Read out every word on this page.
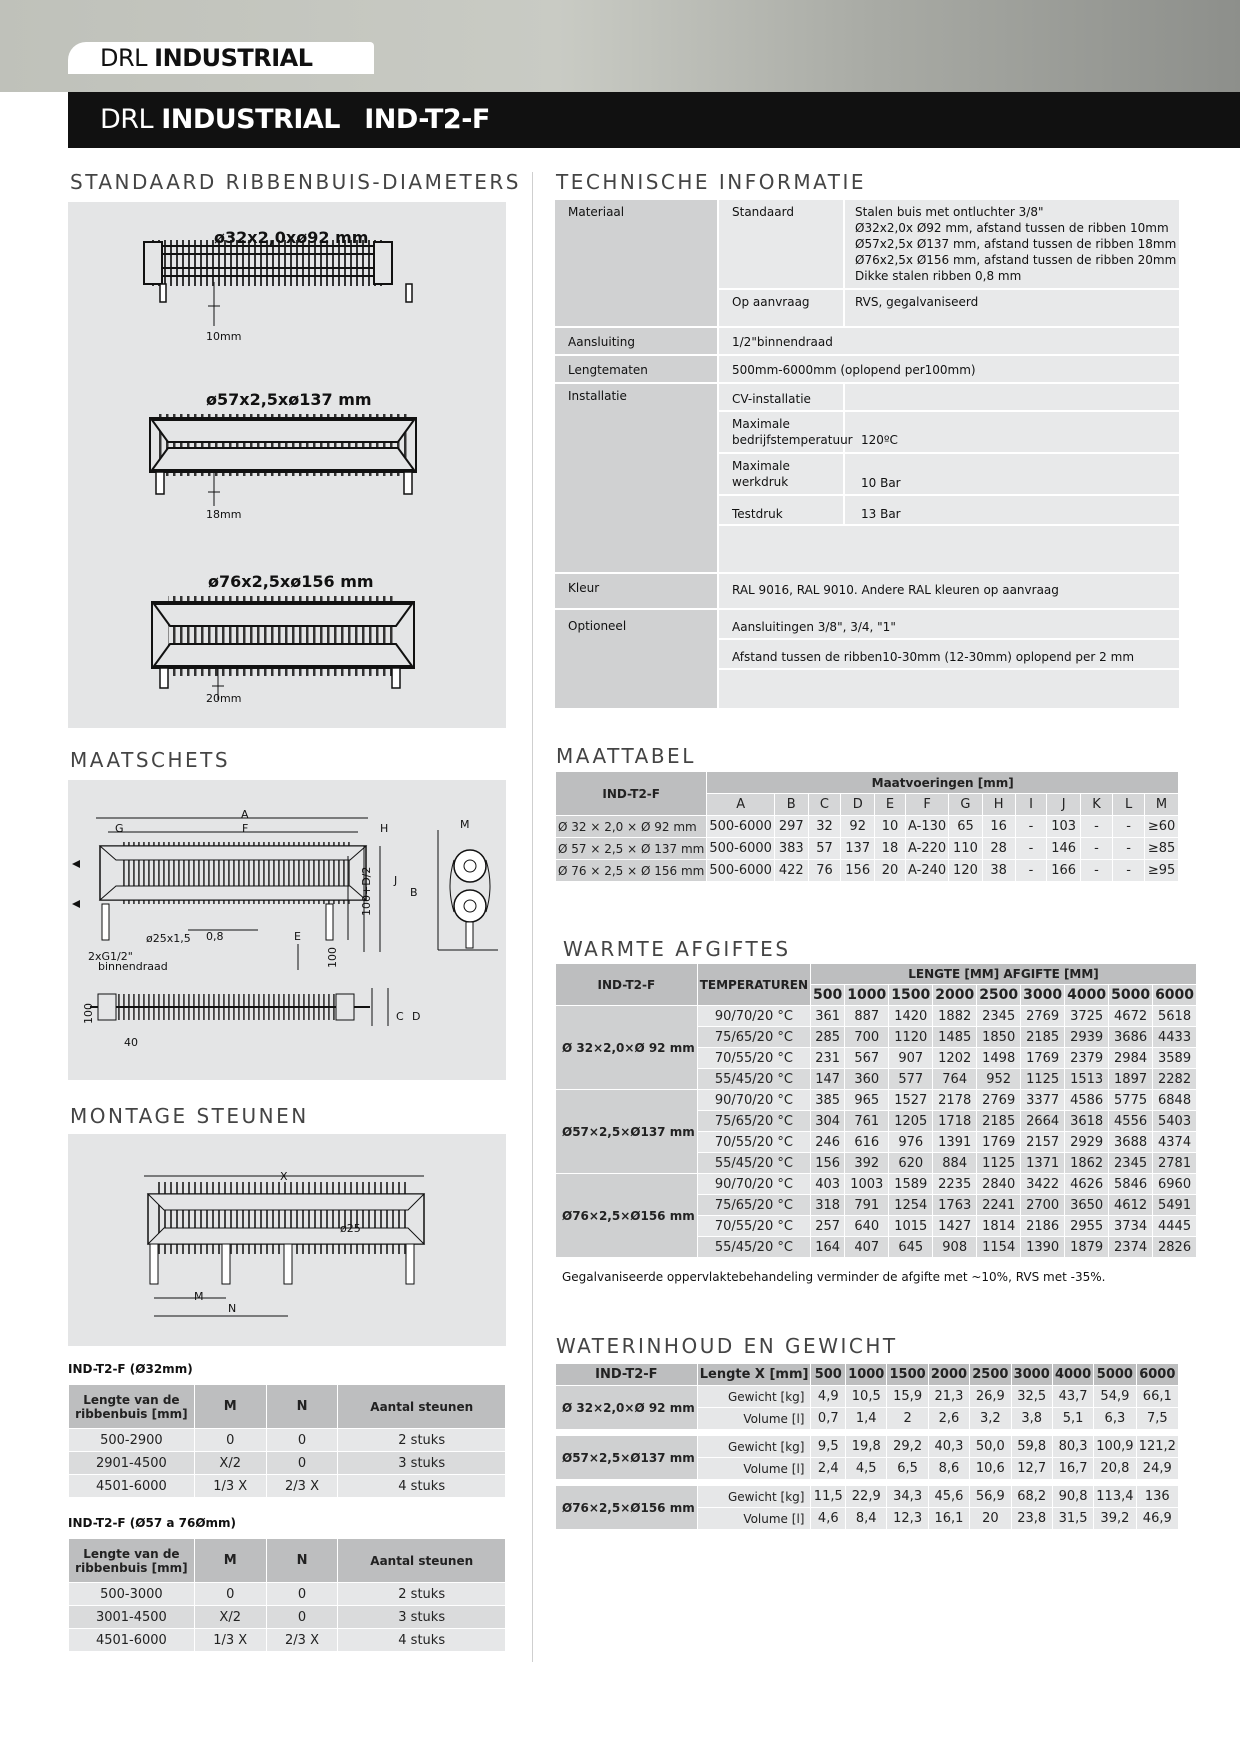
DRL INDUSTRIAL
DRL INDUSTRIAL IND-T2-F
STANDAARD RIBBENBUIS-DIAMETERS
ø32x2,0xø92 mm
10mm
ø57x2,5xø137 mm
18mm
ø76x2,5xø156 mm
20mm
MAATSCHETS
A
G	F	H	M
J
B
100+D/2
ø25x1,5 0,8	E
2xG1/2"
binnendraad	100
100	C D
40
MONTAGE STEUNEN
X
ø25
M
N
IND-T2-F (Ø32mm)
Lengte van de ribbenbuis [mm]	M	N	Aantal steunen
500-2900	0	0	2 stuks
2901-4500	X/2	0	3 stuks
4501-6000	1/3 X	2/3 X	4 stuks
IND-T2-F (Ø57 a 76Ømm)
Lengte van de ribbenbuis [mm]	M	N	Aantal steunen
500-3000	0	0	2 stuks
3001-4500	X/2	0	3 stuks
4501-6000	1/3 X	2/3 X	4 stuks
TECHNISCHE INFORMATIE
Materiaal	Standaard	Stalen buis met ontluchter 3/8"
Ø32x2,0x Ø92 mm, afstand tussen de ribben 10mm
Ø57x2,5x Ø137 mm, afstand tussen de ribben 18mm
Ø76x2,5x Ø156 mm, afstand tussen de ribben 20mm
Dikke stalen ribben 0,8 mm
Op aanvraag	RVS, gegalvaniseerd
Aansluiting	1/2"binnendraad
Lengtematen	500mm-6000mm (oplopend per100mm)
Installatie	CV-installatie
Maximale
bedrijfstemperatuur 120ºC
Maximale
werkdruk	10 Bar
Testdruk	13 Bar
Kleur	RAL 9016, RAL 9010. Andere RAL kleuren op aanvraag
Optioneel	Aansluitingen 3/8", 3/4, "1"
Afstand tussen de ribben10-30mm (12-30mm) oplopend per 2 mm
MAATTABEL
IND-T2-F	Maatvoeringen [mm]												
	A	B	C	D	E	F	G	H	I	J	K	L	M
Ø 32 × 2,0 × Ø 92 mm	500-6000	297	32	92	10	A-130	65	16	-	103	-	-	≥60
Ø 57 × 2,5 × Ø 137 mm	500-6000	383	57	137	18	A-220	110	28	-	146	-	-	≥85
Ø 76 × 2,5 × Ø 156 mm	500-6000	422	76	156	20	A-240	120	38	-	166	-	-	≥95
WARMTE AFGIFTES
IND-T2-F	TEMPERATUREN	LENGTE [MM] AFGIFTE [MM]								
		500	1000	1500	2000	2500	3000	4000	5000	6000
Ø 32×2,0×Ø 92 mm	90/70/20 °C	361	887	1420	1882	2345	2769	3725	4672	5618
	75/65/20 °C	285	700	1120	1485	1850	2185	2939	3686	4433
	70/55/20 °C	231	567	907	1202	1498	1769	2379	2984	3589
	55/45/20 °C	147	360	577	764	952	1125	1513	1897	2282
Ø57×2,5×Ø137 mm	90/70/20 °C	385	965	1527	2178	2769	3377	4586	5775	6848
	75/65/20 °C	304	761	1205	1718	2185	2664	3618	4556	5403
	70/55/20 °C	246	616	976	1391	1769	2157	2929	3688	4374
	55/45/20 °C	156	392	620	884	1125	1371	1862	2345	2781
Ø76×2,5×Ø156 mm	90/70/20 °C	403	1003	1589	2235	2840	3422	4626	5846	6960
	75/65/20 °C	318	791	1254	1763	2241	2700	3650	4612	5491
	70/55/20 °C	257	640	1015	1427	1814	2186	2955	3734	4445
	55/45/20 °C	164	407	645	908	1154	1390	1879	2374	2826
Gegalvaniseerde oppervlaktebehandeling verminder de afgifte met ~10%, RVS met -35%.
WATERINHOUD EN GEWICHT
IND-T2-F	Lengte X [mm]	500	1000	1500	2000	2500	3000	4000	5000	6000
Ø 32×2,0×Ø 92 mm	Gewicht [kg]	4,9	10,5	15,9	21,3	26,9	32,5	43,7	54,9	66,1
	Volume [l]	0,7	1,4	2	2,6	3,2	3,8	5,1	6,3	7,5

Ø57×2,5×Ø137 mm	Gewicht [kg]	9,5	19,8	29,2	40,3	50,0	59,8	80,3	100,9	121,2
	Volume [l]	2,4	4,5	6,5	8,6	10,6	12,7	16,7	20,8	24,9

Ø76×2,5×Ø156 mm	Gewicht [kg]	11,5	22,9	34,3	45,6	56,9	68,2	90,8	113,4	136
	Volume [l]	4,6	8,4	12,3	16,1	20	23,8	31,5	39,2	46,9
